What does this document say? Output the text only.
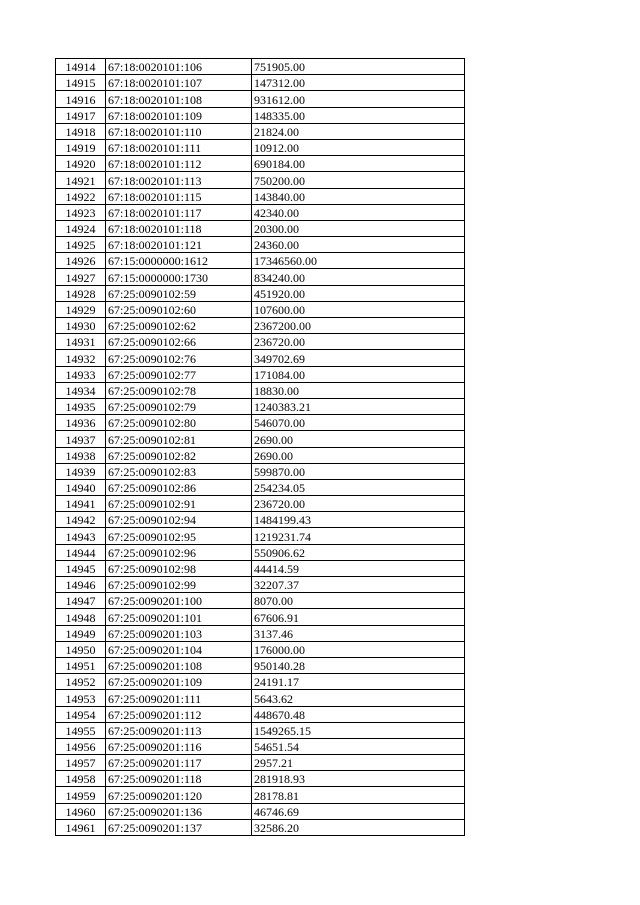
14914	67:18:0020101:106	751905.00
14915	67:18:0020101:107	147312.00
14916	67:18:0020101:108	931612.00
14917	67:18:0020101:109	148335.00
14918	67:18:0020101:110	21824.00
14919	67:18:0020101:111	10912.00
14920	67:18:0020101:112	690184.00
14921	67:18:0020101:113	750200.00
14922	67:18:0020101:115	143840.00
14923	67:18:0020101:117	42340.00
14924	67:18:0020101:118	20300.00
14925	67:18:0020101:121	24360.00
14926	67:15:0000000:1612	17346560.00
14927	67:15:0000000:1730	834240.00
14928	67:25:0090102:59	451920.00
14929	67:25:0090102:60	107600.00
14930	67:25:0090102:62	2367200.00
14931	67:25:0090102:66	236720.00
14932	67:25:0090102:76	349702.69
14933	67:25:0090102:77	171084.00
14934	67:25:0090102:78	18830.00
14935	67:25:0090102:79	1240383.21
14936	67:25:0090102:80	546070.00
14937	67:25:0090102:81	2690.00
14938	67:25:0090102:82	2690.00
14939	67:25:0090102:83	599870.00
14940	67:25:0090102:86	254234.05
14941	67:25:0090102:91	236720.00
14942	67:25:0090102:94	1484199.43
14943	67:25:0090102:95	1219231.74
14944	67:25:0090102:96	550906.62
14945	67:25:0090102:98	44414.59
14946	67:25:0090102:99	32207.37
14947	67:25:0090201:100	8070.00
14948	67:25:0090201:101	67606.91
14949	67:25:0090201:103	3137.46
14950	67:25:0090201:104	176000.00
14951	67:25:0090201:108	950140.28
14952	67:25:0090201:109	24191.17
14953	67:25:0090201:111	5643.62
14954	67:25:0090201:112	448670.48
14955	67:25:0090201:113	1549265.15
14956	67:25:0090201:116	54651.54
14957	67:25:0090201:117	2957.21
14958	67:25:0090201:118	281918.93
14959	67:25:0090201:120	28178.81
14960	67:25:0090201:136	46746.69
14961	67:25:0090201:137	32586.20
